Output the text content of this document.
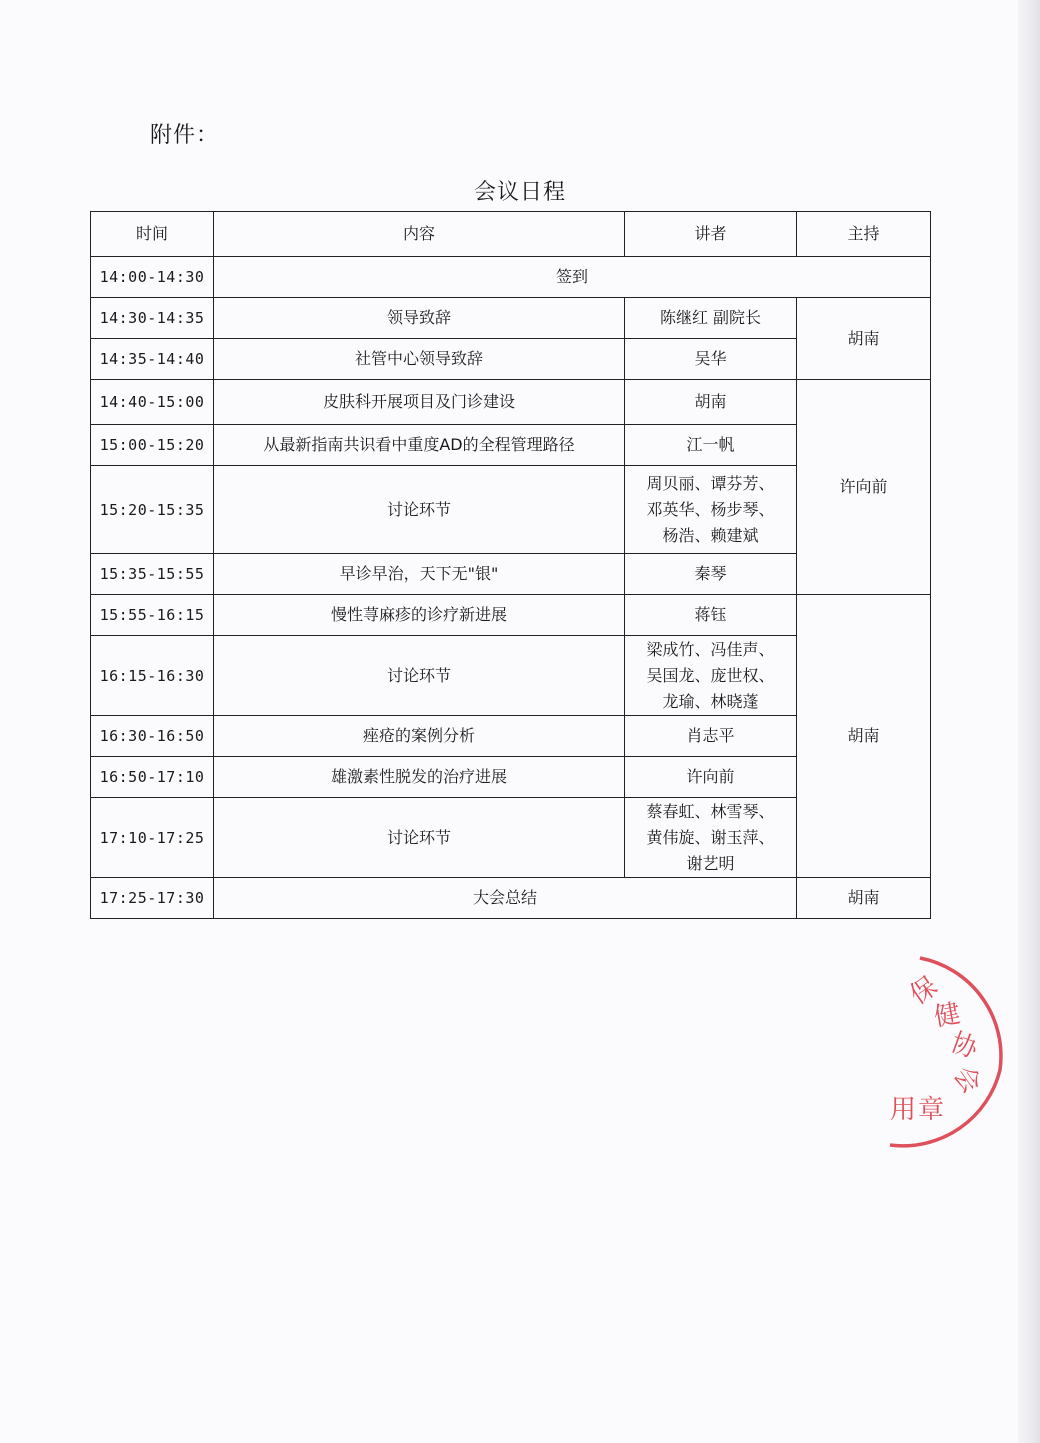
附件：
会议日程
时间	内容	讲者	主持
14:00-14:30	签到		
14:30-14:35	领导致辞	陈继红 副院长	胡南
14:35-14:40	社管中心领导致辞	吴华	
14:40-15:00	皮肤科开展项目及门诊建设	胡南	许向前
15:00-15:20	从最新指南共识看中重度AD的全程管理路径	江一帆	
15:20-15:35	讨论环节	周贝丽、谭芬芳、
邓英华、杨步琴、
杨浩、赖建斌	

15:35-15:55	早诊早治，天下无"银"	秦琴	
15:55-16:15	慢性荨麻疹的诊疗新进展	蒋钰	胡南
16:15-16:30	讨论环节	梁成竹、冯佳声、
吴国龙、庞世权、
龙瑜、林晓蓬	

16:30-16:50	痤疮的案例分析	肖志平	
16:50-17:10	雄激素性脱发的治疗进展	许向前	
17:10-17:25	讨论环节	蔡春虹、林雪琴、
黄伟旋、谢玉萍、
谢艺明	

17:25-17:30	大会总结		胡南
保
健
协
会
用 章
